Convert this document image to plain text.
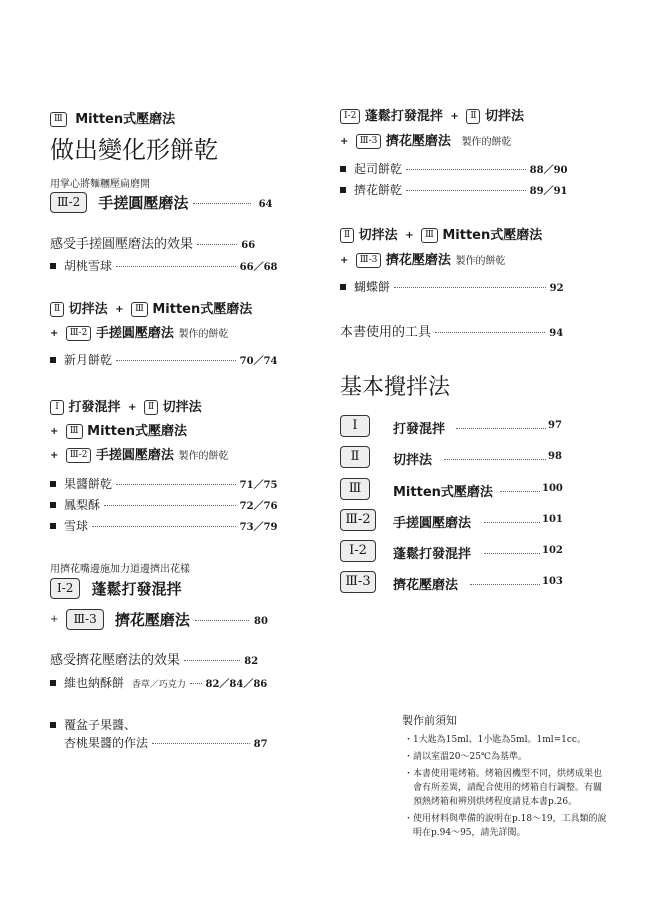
Ⅲ Mitten式壓磨法
做出變化形餅乾
用掌心將麵糰壓扁磨開
Ⅲ-2 手搓圓壓磨法	64
感受手搓圓壓磨法的效果	66
胡桃雪球	66／68
Ⅱ 切拌法 + Ⅲ Mitten式壓磨法
+ Ⅲ-2 手搓圓壓磨法 製作的餅乾
新月餅乾	70／74
Ⅰ 打發混拌 + Ⅱ 切拌法
+ Ⅲ Mitten式壓磨法
+ Ⅲ-2 手搓圓壓磨法 製作的餅乾
果醬餅乾	71／75
鳳梨酥	72／76
雪球	73／79
用擠花嘴邊施加力道邊擠出花樣
Ⅰ-2 蓬鬆打發混拌
+ Ⅲ-3 擠花壓磨法	80
感受擠花壓磨法的效果	82
維也納酥餅 香草／巧克力 82／84／86
覆盆子果醬、
杏桃果醬的作法	87
Ⅰ-2 蓬鬆打發混拌 + Ⅱ 切拌法
+ Ⅲ-3 擠花壓磨法 製作的餅乾
起司餅乾	88／90
擠花餅乾	89／91
Ⅱ 切拌法 + Ⅲ Mitten式壓磨法
+ Ⅲ-3 擠花壓磨法 製作的餅乾
蝴蝶餅	92
本書使用的工具	94
基本攪拌法
Ⅰ	打發混拌	97
Ⅱ	切拌法	98
Ⅲ Mitten式壓磨法	100
Ⅲ-2 手搓圓壓磨法	101
Ⅰ-2 蓬鬆打發混拌	102
Ⅲ-3 擠花壓磨法	103
製作前須知
・1大匙為15ml、1小匙為5ml。1ml=1cc。
・請以室溫20～25℃為基準。
・本書使用電烤箱。烤箱因機型不同，烘烤成果也
會有所差異，請配合使用的烤箱自行調整。有關
預熱烤箱和辨別烘烤程度請見本書p.26。
・使用材料與準備的說明在p.18～19，工具類的說
明在p.94～95，請先詳閱。
